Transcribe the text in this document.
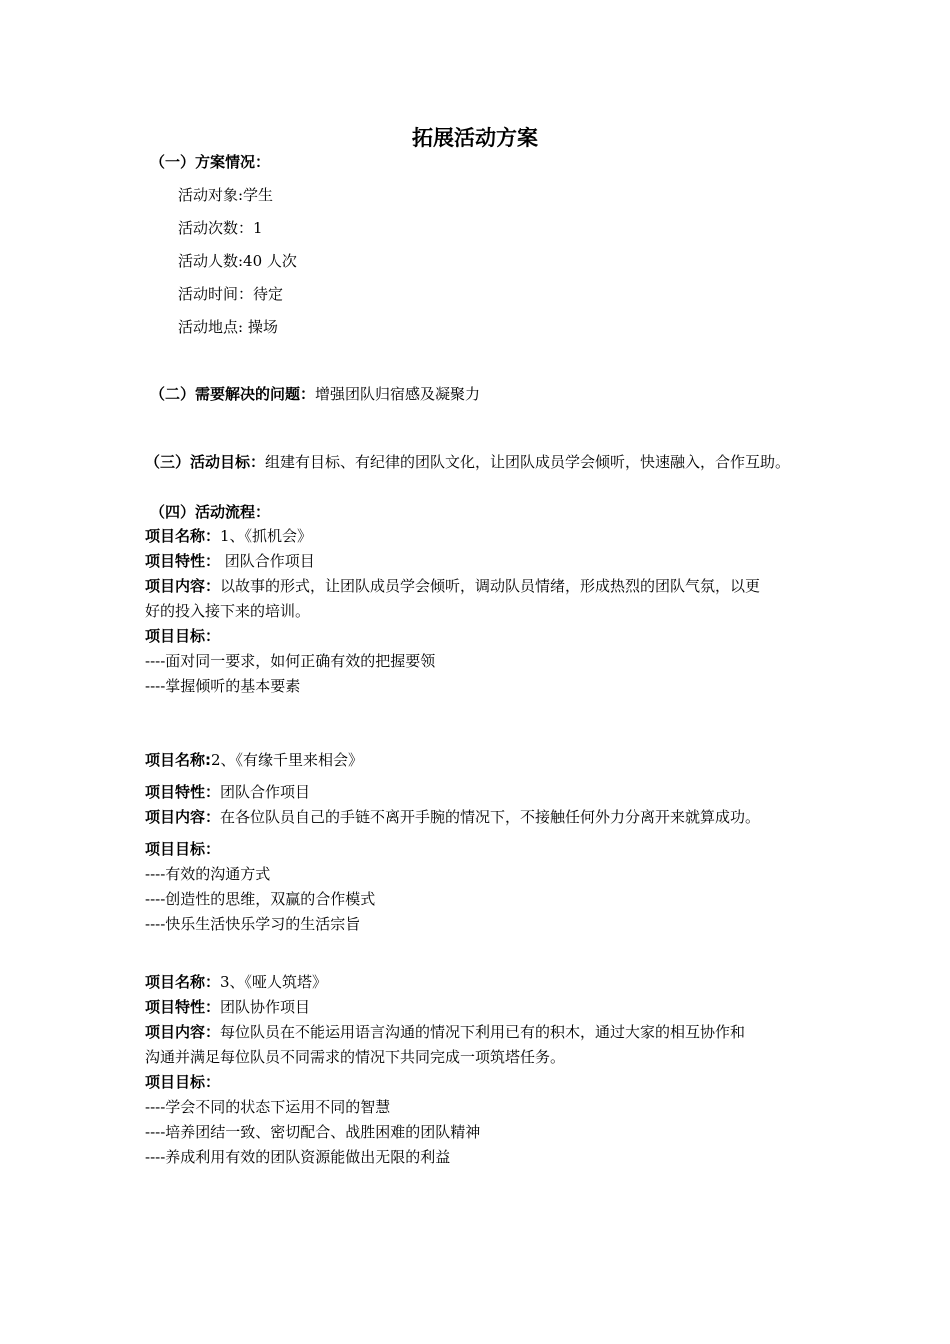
拓展活动方案
（一）方案情况：
活动对象:学生
活动次数：1
活动人数:40 人次
活动时间：待定
活动地点: 操场
（二）需要解决的问题：增强团队归宿感及凝聚力
（三）活动目标：组建有目标、有纪律的团队文化，让团队成员学会倾听，快速融入，合作互助。
（四）活动流程：
项目名称：1、《抓机会》
项目特性： 团队合作项目
项目内容：以故事的形式，让团队成员学会倾听，调动队员情绪，形成热烈的团队气氛，以更
好的投入接下来的培训。
项目目标：
----面对同一要求，如何正确有效的把握要领
----掌握倾听的基本要素
项目名称:2、《有缘千里来相会》
项目特性：团队合作项目
项目内容：在各位队员自己的手链不离开手腕的情况下，不接触任何外力分离开来就算成功。
项目目标：
----有效的沟通方式
----创造性的思维，双赢的合作模式
----快乐生活快乐学习的生活宗旨
项目名称：3、《哑人筑塔》
项目特性：团队协作项目
项目内容：每位队员在不能运用语言沟通的情况下利用已有的积木，通过大家的相互协作和
沟通并满足每位队员不同需求的情况下共同完成一项筑塔任务。
项目目标：
----学会不同的状态下运用不同的智慧
----培养团结一致、密切配合、战胜困难的团队精神
----养成利用有效的团队资源能做出无限的利益
